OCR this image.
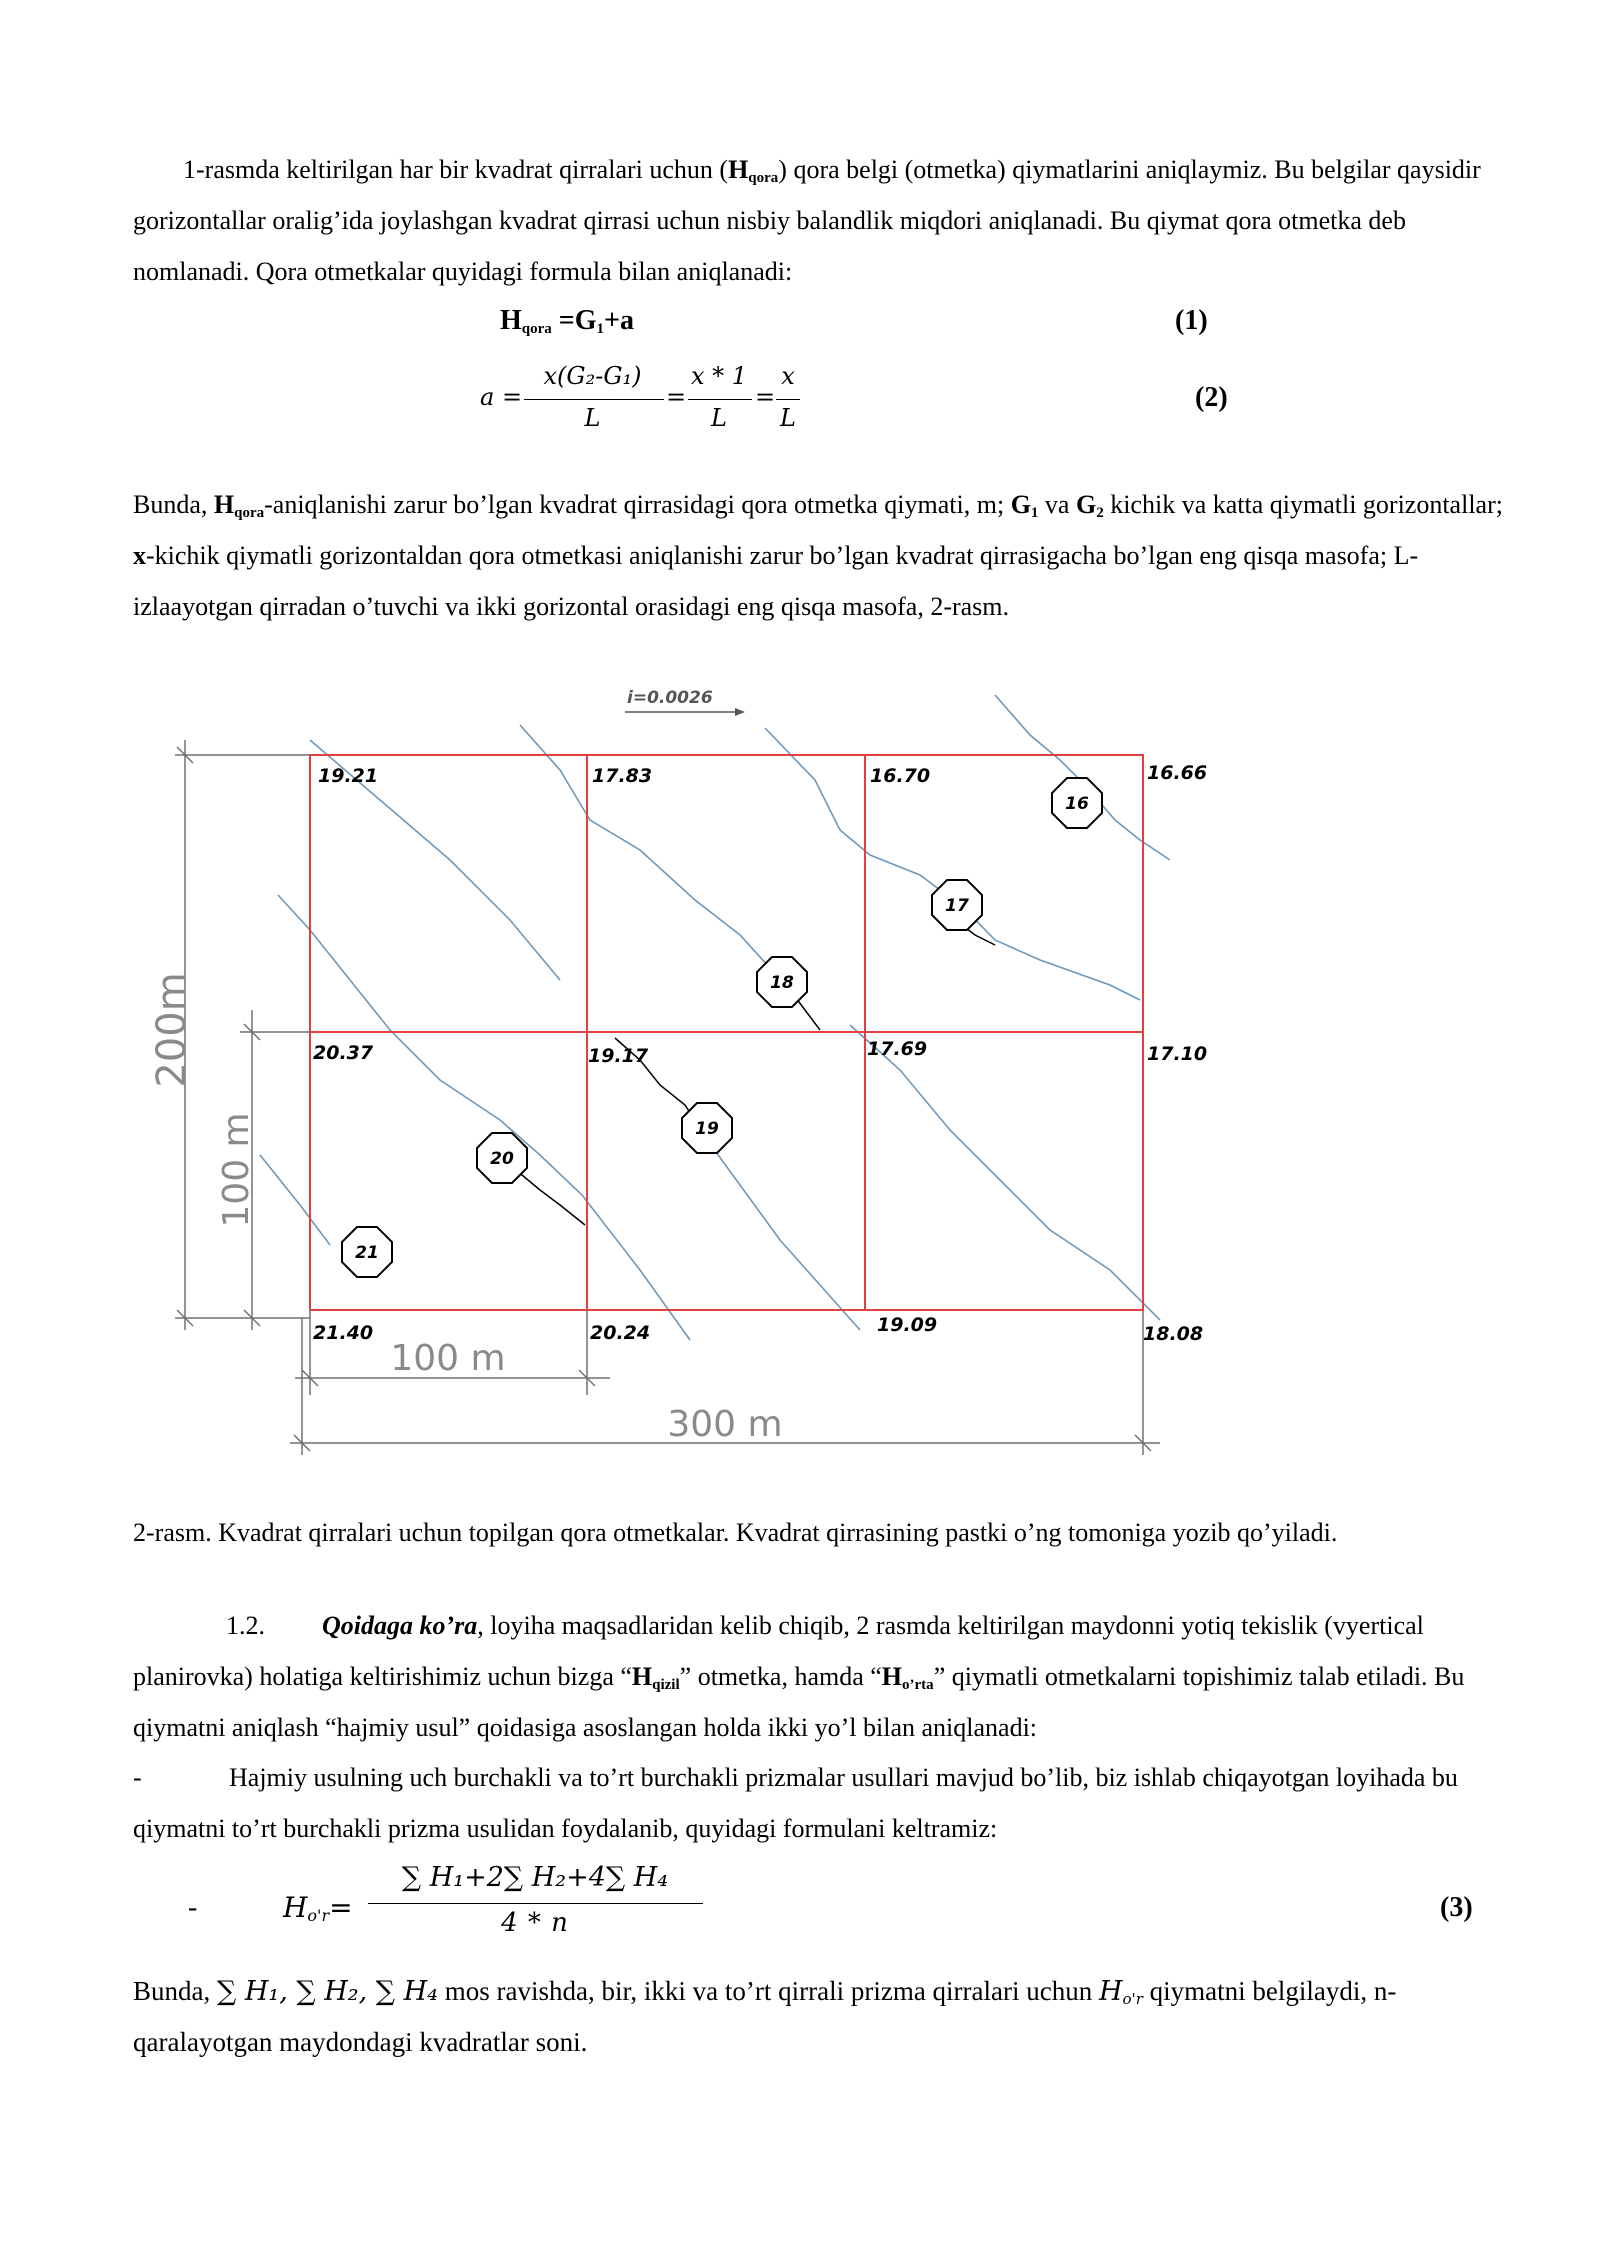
1-rasmda keltirilgan har bir kvadrat qirralari uchun $(H_{qora})$ qora belgi (otmetka) qiymatlarini aniqlaymiz. Bu belgilar qaysidir gorizontallar oralig’ida joylashgan kvadrat qirrasi uchun nisbiy balandlik miqdori aniqlanadi. Bu qiymat qora otmetka deb nomlanadi. Qora otmetkalar quyidagi formula bilan aniqlanadi:
$H_{qora} =G_1+a$	(1)
a =
x(G₂-G₁)
L
=
x * 1
L
=
x
L
(2)
Bunda, $H_{qora}$-aniqlanishi zarur bo’lgan kvadrat qirrasidagi qora otmetka qiymati, m; $G_1$ va $G_2$ kichik va katta qiymatli gorizontallar; x-kichik qiymatli gorizontaldan qora otmetkasi aniqlanishi zarur bo’lgan kvadrat qirrasigacha bo’lgan eng qisqa masofa; L- izlaayotgan qirradan o’tuvchi va ikki gorizontal orasidagi eng qisqa masofa, 2-rasm.
i=0.0026
19.21	17.83	16.70	16.66
20.37	19.17	17.69	17.10
21.40	20.24	19.09	18.08
16
17
18
19
20
21
200m
100 m
100 m
300 m
2-rasm. Kvadrat qirralari uchun topilgan qora otmetkalar. Kvadrat qirrasining pastki o’ng tomoniga yozib qo’yiladi.
1.2. Qoidaga ko’ra, loyiha maqsadlaridan kelib chiqib, 2 rasmda keltirilgan maydonni yotiq tekislik (vyertical planirovka) holatiga keltirishimiz uchun bizga “$H_{qizil}$” otmetka, hamda “$H_{o’rta}$” qiymatli otmetkalarni topishimiz talab etiladi. Bu qiymatni aniqlash “hajmiy usul” qoidasiga asoslangan holda ikki yo’l bilan aniqlanadi:
-	Hajmiy usulning uch burchakli va to’rt burchakli prizmalar usullari mavjud bo’lib, biz ishlab chiqayotgan loyihada bu qiymatni to’rt burchakli prizma usulidan foydalanib, quyidagi formulani keltramiz:
-	$H_{o'r}=$
∑ H₁+2∑ H₂+4∑ H₄
4 * n	(3)
Bunda, ∑ H₁, ∑ H₂, ∑ H₄ mos ravishda, bir, ikki va to’rt qirrali prizma qirralari uchun $H_{o'r}$ qiymatni belgilaydi, n-qaralayotgan maydondagi kvadratlar soni.
